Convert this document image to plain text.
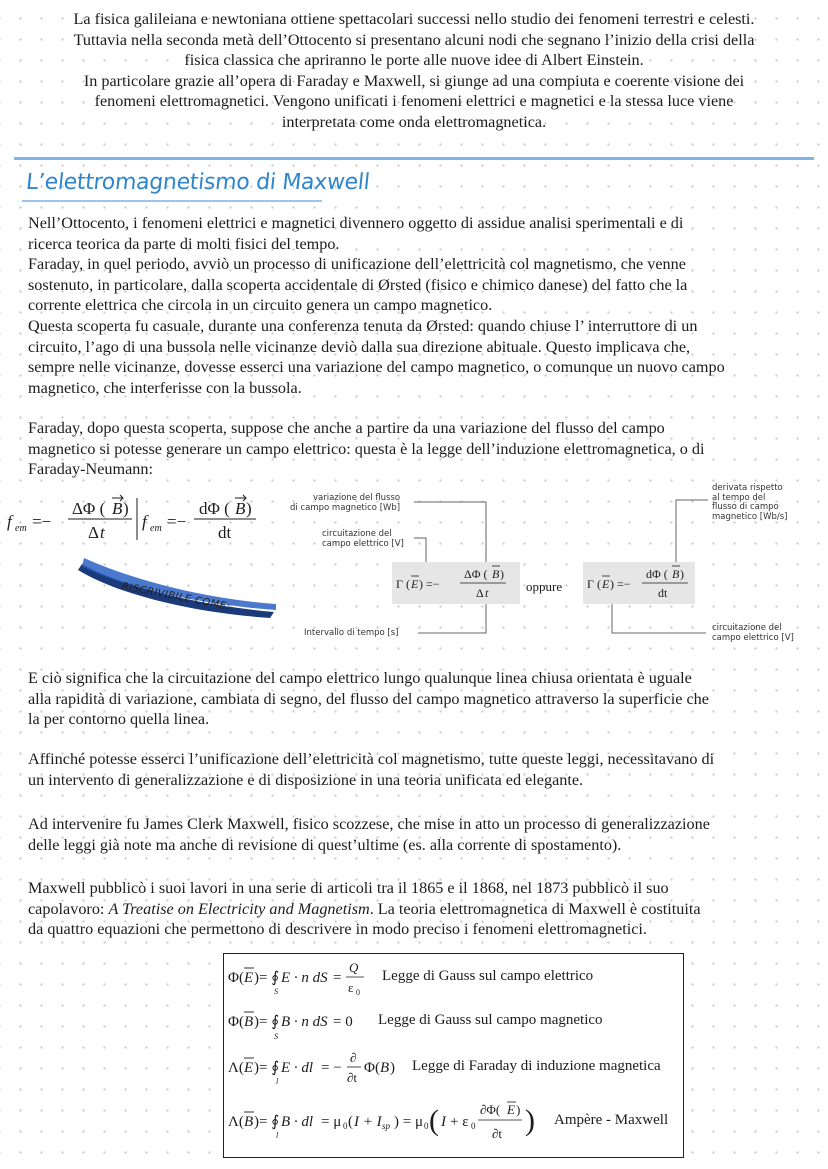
La fisica galileiana e newtoniana ottiene spettacolari successi nello studio dei fenomeni terrestri e celesti.
Tuttavia nella seconda metà dell’Ottocento si presentano alcuni nodi che segnano l’inizio della crisi della
fisica classica che apriranno le porte alle nuove idee di Albert Einstein.
In particolare grazie all’opera di Faraday e Maxwell, si giunge ad una compiuta e coerente visione dei
fenomeni elettromagnetici. Vengono unificati i fenomeni elettrici e magnetici e la stessa luce viene
interpretata come onda elettromagnetica.
L’elettromagnetismo di Maxwell
Nell’Ottocento, i fenomeni elettrici e magnetici divennero oggetto di assidue analisi sperimentali e di
ricerca teorica da parte di molti fisici del tempo.
Faraday, in quel periodo, avviò un processo di unificazione dell’elettricità col magnetismo, che venne
sostenuto, in particolare, dalla scoperta accidentale di Ørsted (fisico e chimico danese) del fatto che la
corrente elettrica che circola in un circuito genera un campo magnetico.
Questa scoperta fu casuale, durante una conferenza tenuta da Ørsted: quando chiuse l’ interruttore di un
circuito, l’ago di una bussola nelle vicinanze deviò dalla sua direzione abituale. Questo implicava che,
sempre nelle vicinanze, dovesse esserci una variazione del campo magnetico, o comunque un nuovo campo
magnetico, che interferisse con la bussola.
Faraday, dopo questa scoperta, suppose che anche a partire da una variazione del flusso del campo
magnetico si potesse generare un campo elettrico: questa è la legge dell’induzione elettromagnetica, o di
Faraday-Neumann:
f em =−
ΔΦ ( B )
Δ t
f em =−
dΦ ( B )
dt
RISCRIVIBILE COME:
variazione del flusso
di campo magnetico [Wb]
circuitazione del
campo elettrico [V]
Intervallo di tempo [s]
derivata rispetto
al tempo del
flusso di campo
magnetico [Wb/s]
circuitazione del
campo elettrico [V]
Γ ( E ) =−
ΔΦ ( B )
Δ t
Γ ( E ) =−
dΦ ( B )
dt
oppure
E ciò significa che la circuitazione del campo elettrico lungo qualunque linea chiusa orientata è uguale
alla rapidità di variazione, cambiata di segno, del flusso del campo magnetico attraverso la superficie che
la per contorno quella linea.
Affinché potesse esserci l’unificazione dell’elettricità col magnetismo, tutte queste leggi, necessitavano di
un intervento di generalizzazione e di disposizione in una teoria unificata ed elegante.
Ad intervenire fu James Clerk Maxwell, fisico scozzese, che mise in atto un processo di generalizzazione
delle leggi già note ma anche di revisione di quest’ultime (es. alla corrente di spostamento).
Maxwell pubblicò i suoi lavori in una serie di articoli tra il 1865 e il 1868, nel 1873 pubblicò il suo
capolavoro: A Treatise on Electricity and Magnetism. La teoria elettromagnetica di Maxwell è costituita
da quattro equazioni che permettono di descrivere in modo preciso i fenomeni elettromagnetici.
Φ( E )= ∮ E · n dS =
Q
ε 0
S
Φ( B )= ∮ B · n dS = 0
S
Λ( E )= ∮ E · dl = −
∂
∂t
Φ( B )
l
Λ( B )= ∮ B · dl = μ 0 ( I + I sp ) = μ 0 ( I + ε 0
∂Φ( E )
∂t )
l
Legge di Gauss sul campo elettrico
Legge di Gauss sul campo magnetico
Legge di Faraday di induzione magnetica
Ampère - Maxwell
